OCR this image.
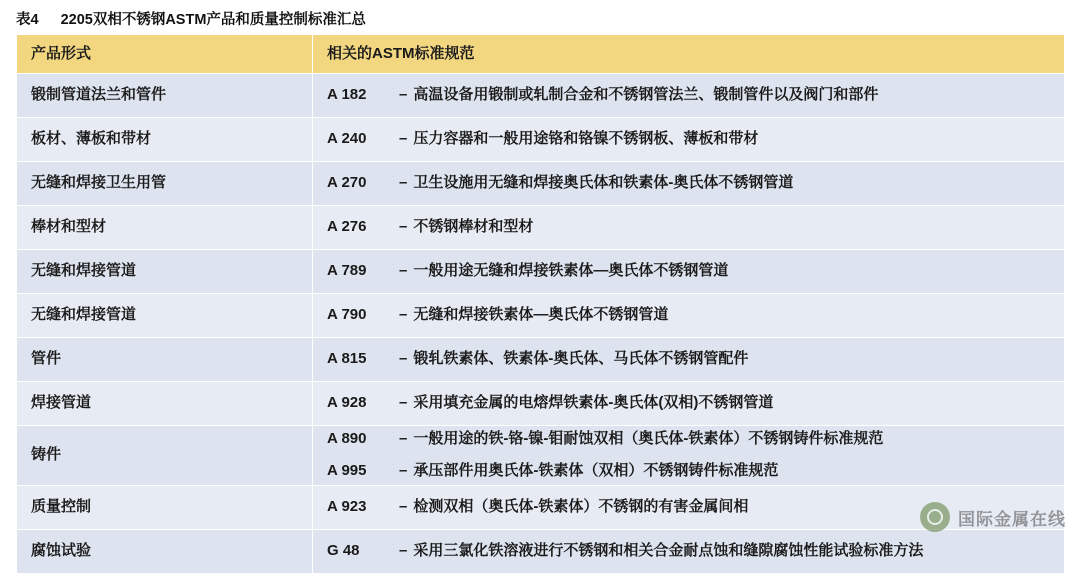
表4 2205双相不锈钢ASTM产品和质量控制标准汇总
产品形式	相关的ASTM标准规范
锻制管道法兰和管件	A 182 – 高温设备用锻制或轧制合金和不锈钢管法兰、锻制管件以及阀门和部件

板材、薄板和带材	A 240 – 压力容器和一般用途铬和铬镍不锈钢板、薄板和带材

无缝和焊接卫生用管	A 270 – 卫生设施用无缝和焊接奥氏体和铁素体-奥氏体不锈钢管道

棒材和型材	A 276 – 不锈钢棒材和型材

无缝和焊接管道	A 789 – 一般用途无缝和焊接铁素体—奥氏体不锈钢管道

无缝和焊接管道	A 790 – 无缝和焊接铁素体—奥氏体不锈钢管道

管件	A 815 – 锻轧铁素体、铁素体-奥氏体、马氏体不锈钢管配件

焊接管道	A 928 – 采用填充金属的电熔焊铁素体-奥氏体(双相)不锈钢管道

铸件	A 890 – 一般用途的铁-铬-镍-钼耐蚀双相（奥氏体-铁素体）不锈钢铸件标准规范
A 995 – 承压部件用奥氏体-铁素体（双相）不锈钢铸件标准规范

质量控制	A 923 – 检测双相（奥氏体-铁素体）不锈钢的有害金属间相

腐蚀试验	G 48 – 采用三氯化铁溶液进行不锈钢和相关合金耐点蚀和缝隙腐蚀性能试验标准方法
国际金属在线
